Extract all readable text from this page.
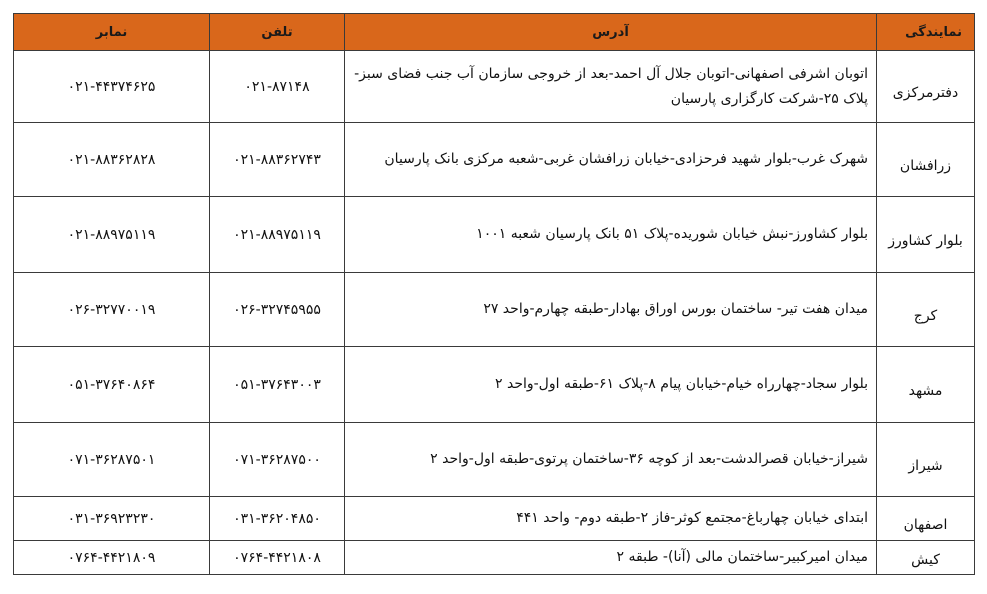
نمایندگی	آدرس	تلفن	نمابر
دفترمرکزی	اتوبان اشرفی اصفهانی-اتوبان جلال آل احمد-بعد از خروجی سازمان آب جنب فضای سبز-پلاک ۲۵-شرکت کارگزاری پارسیان	۰۲۱-۸۷۱۴۸	۰۲۱-۴۴۳۷۴۶۲۵
زرافشان	شهرک غرب-بلوار شهید فرحزادی-خیابان زرافشان غربی-شعبه مرکزی بانک پارسیان	۰۲۱-۸۸۳۶۲۷۴۳	۰۲۱-۸۸۳۶۲۸۲۸
بلوار کشاورز	بلوار کشاورز-نبش خیابان شوریده-پلاک ۵۱ بانک پارسیان شعبه ۱۰۰۱	۰۲۱-۸۸۹۷۵۱۱۹	۰۲۱-۸۸۹۷۵۱۱۹
کرج	میدان هفت تیر- ساختمان بورس اوراق بهادار-طبقه چهارم-واحد ۲۷	۰۲۶-۳۲۷۴۵۹۵۵	۰۲۶-۳۲۷۷۰۰۱۹
مشهد	بلوار سجاد-چهارراه خیام-خیابان پیام ۸-پلاک ۶۱-طبقه اول-واحد ۲	۰۵۱-۳۷۶۴۳۰۰۳	۰۵۱-۳۷۶۴۰۸۶۴
شیراز	شیراز-خیابان قصرالدشت-بعد از کوچه ۳۶-ساختمان پرتوی-طبقه اول-واحد ۲	۰۷۱-۳۶۲۸۷۵۰۰	۰۷۱-۳۶۲۸۷۵۰۱
اصفهان	ابتدای خیابان چهارباغ-مجتمع کوثر-فاز ۲-طبقه دوم- واحد ۴۴۱	۰۳۱-۳۶۲۰۴۸۵۰	۰۳۱-۳۶۹۲۳۲۳۰
کیش	میدان امیرکبیر-ساختمان مالی (آنا)- طبقه ۲	۰۷۶۴-۴۴۲۱۸۰۸	۰۷۶۴-۴۴۲۱۸۰۹
